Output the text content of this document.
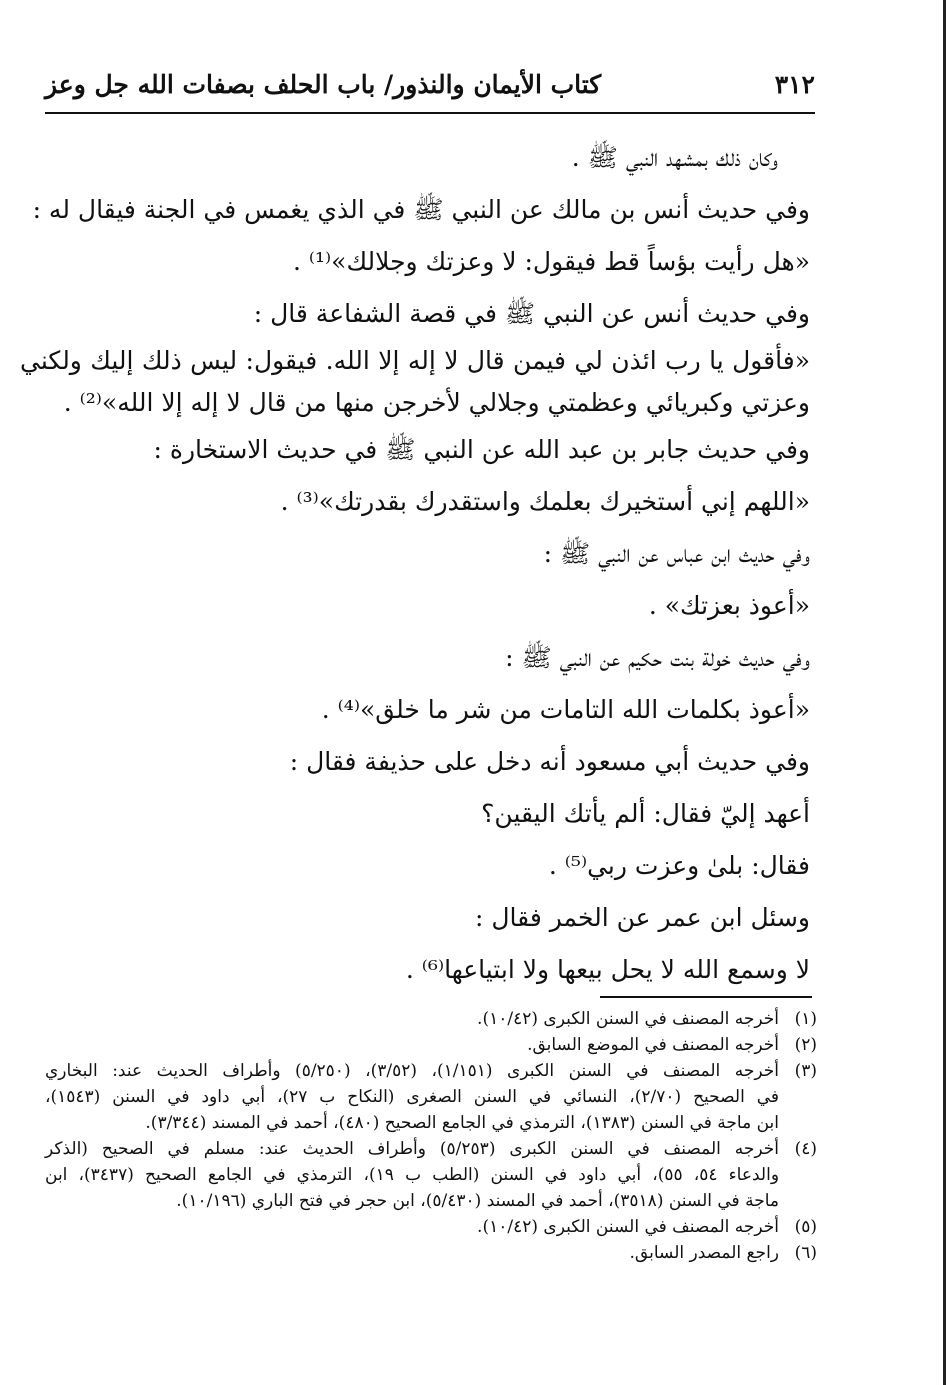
٣١٢
كتاب الأيمان والنذور/ باب الحلف بصفات الله جل وعز
وكان ذلك بمشهد النبي ﷺ .
وفي حديث أنس بن مالك عن النبي ﷺ في الذي يغمس في الجنة فيقال له :
«هل رأيت بؤساً قط فيقول: لا وعزتك وجلالك»⁽¹⁾ .
وفي حديث أنس عن النبي ﷺ في قصة الشفاعة قال :
«فأقول يا رب ائذن لي فيمن قال لا إله إلا الله. فيقول: ليس ذلك إليك ولكني
وعزتي وكبريائي وعظمتي وجلالي لأخرجن منها من قال لا إله إلا الله»⁽²⁾ .
وفي حديث جابر بن عبد الله عن النبي ﷺ في حديث الاستخارة :
«اللهم إني أستخيرك بعلمك واستقدرك بقدرتك»⁽³⁾ .
وفي حديث ابن عباس عن النبي ﷺ :
«أعوذ بعزتك» .
وفي حديث خولة بنت حكيم عن النبي ﷺ :
«أعوذ بكلمات الله التامات من شر ما خلق»⁽⁴⁾ .
وفي حديث أبي مسعود أنه دخل على حذيفة فقال :
أعهد إليّ فقال: ألم يأتك اليقين؟
فقال: بلىٰ وعزت ربي⁽⁵⁾ .
وسئل ابن عمر عن الخمر فقال :
لا وسمع الله لا يحل بيعها ولا ابتياعها⁽⁶⁾ .
(١)
أخرجه المصنف في السنن الكبرى (١٠/٤٢).
(٢)
أخرجه المصنف في الموضع السابق.
(٣)
أخرجه المصنف في السنن الكبرى (١/١٥١)، (٣/٥٢)، (٥/٢٥٠) وأطراف الحديث عند: البخاري
في الصحيح (٢/٧٠)، النسائي في السنن الصغرى (النكاح ب ٢٧)، أبي داود في السنن (١٥٤٣)،
ابن ماجة في السنن (١٣٨٣)، الترمذي في الجامع الصحيح (٤٨٠)، أحمد في المسند (٣/٣٤٤).
(٤)
أخرجه المصنف في السنن الكبرى (٥/٢٥٣) وأطراف الحديث عند: مسلم في الصحيح (الذكر
والدعاء ٥٤، ٥٥)، أبي داود في السنن (الطب ب ١٩)، الترمذي في الجامع الصحيح (٣٤٣٧)، ابن
ماجة في السنن (٣٥١٨)، أحمد في المسند (٥/٤٣٠)، ابن حجر في فتح الباري (١٠/١٩٦).
(٥)
أخرجه المصنف في السنن الكبرى (١٠/٤٢).
(٦)
راجع المصدر السابق.
